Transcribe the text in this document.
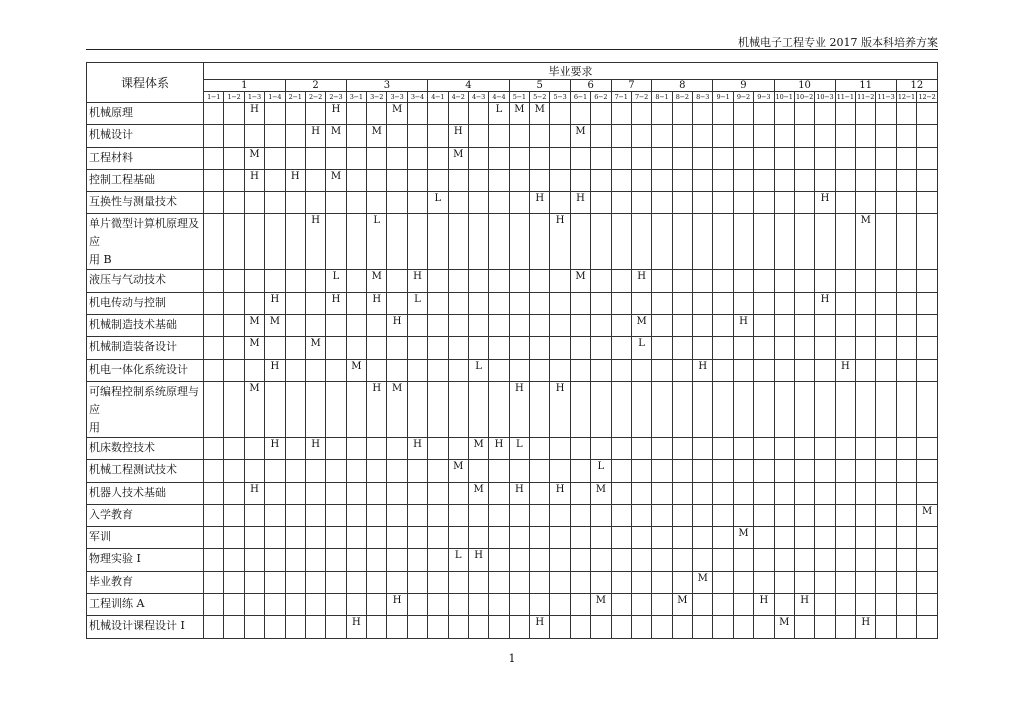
机械电子工程专业 2017 版本科培养方案
课程体系	毕业要求																																			
	1				2			3				4				5			6		7		8			9			10			11			12	
	1−1	1−2	1−3	1−4	2−1	2−2	2−3	3−1	3−2	3−3	3−4	4−1	4−2	4−3	4−4	5−1	5−2	5−3	6−1	6−2	7−1	7−2	8−1	8−2	8−3	9−1	9−2	9−3	10−1	10−2	10−3	11−1	11−2	11−3	12−1	12−2
机械原理			H				H			M					L	M	M																			
机械设计						H	M		M				H						M																	
工程材料			M										M																							
控制工程基础			H		H		M																													
互换性与测量技术												L					H		H												H					
单片微型计算机原理及
应
用 B						H			L									H															M			
液压与气动技术							L		M		H								M			H														
机电传动与控制				H			H		H		L																				H					
机械制造技术基础			M	M						H												M					H									
机械制造装备设计			M			M																L														
机电一体化系统设计				H				M						L											H							H				
可编程控制系统原理与
应
用			M						H	M						H		H																		
机床数控技术				H		H					H			M	H	L																				
机械工程测试技术													M							L																
机器人技术基础			H											M		H		H		M																
入学教育																																				M
军训																											M									
物理实验 I													L	H																						
毕业教育																									M											
工程训练 A										H										M				M				H		H						
机械设计课程设计 I								H									H												M				H			
1
